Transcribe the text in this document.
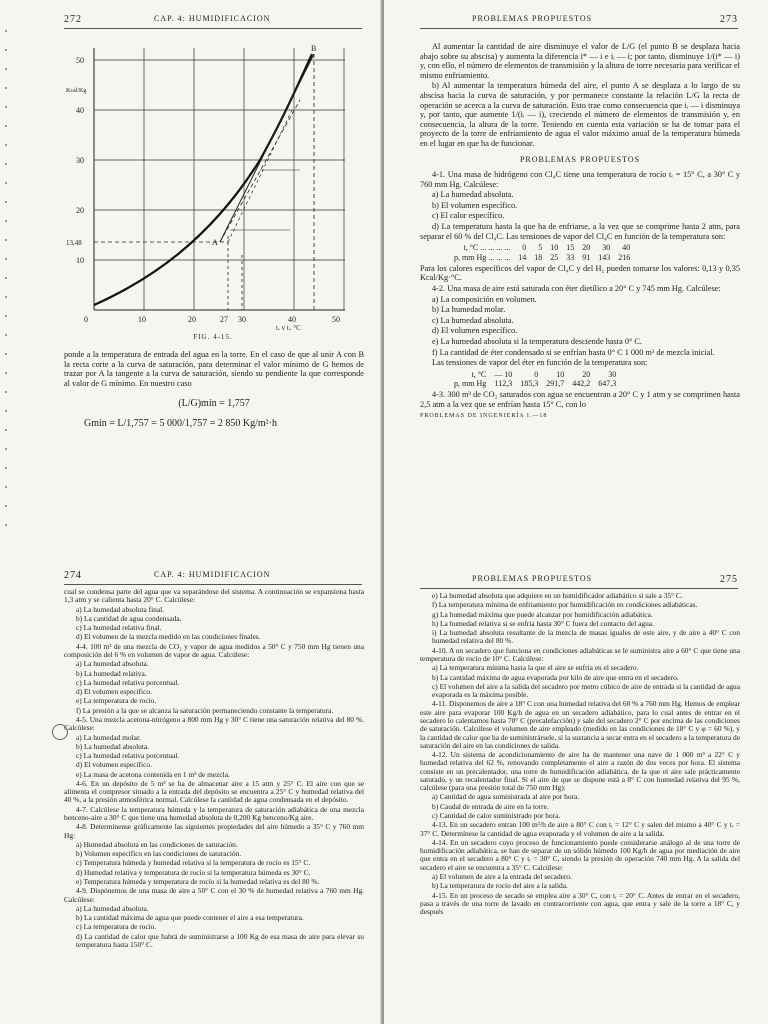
272	CAP. 4: HUMIDIFICACION
Kcal/Kg
50
40
30
20
13,48
10
0	10	20	27 30	40	50
tₑ y tᵢ, °C
A
B
FIG. 4-15.

ponde a la temperatura de entrada del agua en la torre. En el caso de que al unir A con B la recta corte a la curva de saturación, para determinar el valor mínimo de G hemos de trazar por A la tangente a la curva de saturación, siendo su pendiente la que corresponde al valor de G mínimo. En nuestro caso

(L/G)mín = 1,757
Gmín = L/1,757 = 5 000/1,757 = 2 850 Kg/m²·h
PROBLEMAS PROPUESTOS	273

Al aumentar la cantidad de aire disminuye el valor de L/G (el punto B se desplaza hacia abajo sobre su abscisa) y aumenta la diferencia i* — i e iᵢ — i; por tanto, disminuye 1/(i* — i) y, con ello, el número de elementos de transmisión y la altura de torre necesaria para verificar el mismo enfriamiento.

b) Al aumentar la temperatura húmeda del aire, el punto A se desplaza a lo largo de su abscisa hacia la curva de saturación, y por permanece constante la relación L/G la recta de operación se acerca a la curva de saturación. Esto trae como consecuencia que iᵢ — i disminuya y, por tanto, que aumente 1/(iᵢ — i), creciendo el número de elementos de transmisión y, en consecuencia, la altura de la torre. Teniendo en cuenta esta variación se ha de tomar para el proyecto de la torre de enfriamiento de agua el valor máximo anual de la temperatura húmeda en el lugar en que ha de funcionar.

PROBLEMAS PROPUESTOS

4-1. Una masa de hidrógeno con Cl₄C tiene una temperatura de rocío tᵣ = 15° C, a 30° C y 760 mm Hg. Calcúlese:

a) La humedad absoluta.

b) El volumen específico.

c) El calor específico.

d) La temperatura hasta la que ha de enfriarse, a la vez que se comprime hasta 2 atm, para separar el 60 % del Cl₄C. Las tensiones de vapor del Cl₄C en función de la temperatura son:

t, °C ... ... ... ...	0	5	10	15	20	30	40
p, mm Hg ... ... ...	14	18	25	33	91	143	216

Para los calores específicos del vapor de Cl₄C y del H₂ pueden tomarse los valores: 0,13 y 0,35 Kcal/Kg·°C.

4-2. Una masa de aire está saturada con éter dietílico a 20° C y 745 mm Hg. Calcúlese:

a) La composición en volumen.

b) La humedad molar.

c) La humedad absoluta.

d) El volumen específico.

e) La humedad absoluta si la temperatura desciende hasta 0° C.

f) La cantidad de éter condensado si se enfrían hasta 0° C 1 000 m³ de mezcla inicial.

Las tensiones de vapor del éter en función de la temperatura son:

t, °C	— 10	0	10	20	30
p, mm Hg	112,3	185,3	291,7	442,2	647,3

4-3. 300 m³ de CO₂ saturados con agua se encuentran a 20° C y 1 atm y se comprimen hasta 2,5 atm a la vez que se enfrían hasta 15° C, con lo

PROBLEMAS DE INGENIERÍA I.—18
274	CAP. 4: HUMIDIFICACION

cual se condensa parte del agua que va separándose del sistema. A continuación se expansiona hasta 1,3 atm y se calienta hasta 20° C. Calcúlese:

a) La humedad absoluta final.

b) La cantidad de agua condensada.

c) La humedad relativa final.

d) El volumen de la mezcla medido en las condiciones finales.

4-4. 100 m³ de una mezcla de CO₂ y vapor de agua medidos a 50° C y 750 mm Hg tienen una composición del 6 % en volumen de vapor de agua. Calcúlese:

a) La humedad absoluta.

b) La humedad relativa.

c) La humedad relativa porcentual.

d) El volumen específico.

e) La temperatura de rocío.

f) La presión a la que se alcanza la saturación permaneciendo constante la temperatura.

4-5. Una mezcla acetona-nitrógeno a 800 mm Hg y 30° C tiene una saturación relativa del 80 %. Calcúlese:

a) La humedad molar.

b) La humedad absoluta.

c) La humedad relativa porcentual.

d) El volumen específico.

e) La masa de acetona contenida en 1 m³ de mezcla.

4-6. En un depósito de 5 m³ se ha de almacenar aire a 15 atm y 25° C. El aire con que se alimenta el compresor situado a la entrada del depósito se encuentra a 25° C y humedad relativa del 40 %, a la presión atmosférica normal. Calcúlese la cantidad de agua condensada en el depósito.

4-7. Calcúlese la temperatura húmeda y la temperatura de saturación adiabática de una mezcla benceno-aire a 30° C que tiene una humedad absoluta de 0,200 Kg benceno/Kg aire.

4-8. Determínense gráficamente las siguientes propiedades del aire húmedo a 35° C y 760 mm Hg:

a) Humedad absoluta en las condiciones de saturación.

b) Volumen específico en las condiciones de saturación.

c) Temperatura húmeda y humedad relativa si la temperatura de rocío es 15° C.

d) Humedad relativa y temperatura de rocío si la temperatura húmeda es 30° C.

e) Temperatura húmeda y temperatura de rocío si la humedad relativa es del 80 %.

4-9. Dispónemos de una masa de aire a 50° C con el 30 % de humedad relativa a 760 mm Hg. Calcúlese:

a) La humedad absoluta.

b) La cantidad máxima de agua que puede contener el aire a esa temperatura.

c) La temperatura de rocío.

d) La cantidad de calor que habrá de suministrarse a 100 Kg de esa masa de aire para elevar su temperatura hasta 150° C.

PROBLEMAS PROPUESTOS	275

e) La humedad absoluta que adquiere en un humidificador adiabático si sale a 35° C.

f) La temperatura mínima de enfriamiento por humidificación en condiciones adiabáticas.

g) La humedad máxima que puede alcanzar por humidificación adiabática.

h) La humedad relativa si se enfría hasta 30° C fuera del contacto del agua.

i) La humedad absoluta resultante de la mezcla de masas iguales de este aire, y de aire a 40° C con humedad relativa del 80 %.

4-10. A un secadero que funciona en condiciones adiabáticas se le suministra aire a 60° C que tiene una temperatura de rocío de 10° C. Calcúlese:

a) La temperatura mínima hasta la que el aire se enfría en el secadero.

b) La cantidad máxima de agua evaporada por kilo de aire que entra en el secadero.

c) El volumen del aire a la salida del secadero por metro cúbico de aire de entrada si la cantidad de agua evaporada es la máxima posible.

4-11. Disponemos de aire a 18° C con una humedad relativa del 60 % a 760 mm Hg. Hemos de emplear este aire para evaporar 100 Kg/h de agua en un secadero adiabático, para lo cual antes de entrar en el secadero lo calentamos hasta 70° C (precalefacción) y sale del secadero 2° C por encima de las condiciones de saturación. Calcúlese el volumen de aire empleado (medido en las condiciones de 18° C y φ = 60 %), y la cantidad de calor que ha de suministrársele, si la sustancia a secar entra en el secadero a la temperatura de saturación del aire en las condiciones de salida.

4-12. Un sistema de acondicionamiento de aire ha de mantener una nave de 1 000 m³ a 22° C y humedad relativa del 62 %, renovando completamente el aire a razón de dos veces por hora. El sistema consiste en un precalentador, una torre de humidificación adiabática, de la que el aire sale prácticamente saturado, y un recalentador final. Si el aire de que se dispone está a 8° C con humedad relativa del 95 %, calcúlese (para una presión total de 750 mm Hg):

a) Cantidad de agua suministrada al aire por hora.

b) Caudal de entrada de aire en la torre.

c) Cantidad de calor suministrado por hora.

4-13. En un secadero entran 100 m³/h de aire a 80° C con tᵣ = 12° C y salen del mismo a 40° C y tᵣ = 37° C. Determínese la cantidad de agua evaporada y el volumen de aire a la salida.

4-14. En un secadero cuyo proceso de funcionamiento puede considerarse análogo al de una torre de humidificación adiabática, se han de separar de un sólido húmedo 100 Kg/h de agua por mediación de aire que entra en el secadero a 80° C y tᵣ = 30° C, siendo la presión de operación 740 mm Hg. A la salida del secadero el aire se encuentra a 35° C. Calcúlese:

a) El volumen de aire a la entrada del secadero.

b) La temperatura de rocío del aire a la salida.

4-15. En un proceso de secado se emplea aire a 30° C, con tᵣ = 20° C. Antes de entrar en el secadero, pasa a través de una torre de lavado en contracorriente con agua, que entra y sale de la torre a 18° C, y después
